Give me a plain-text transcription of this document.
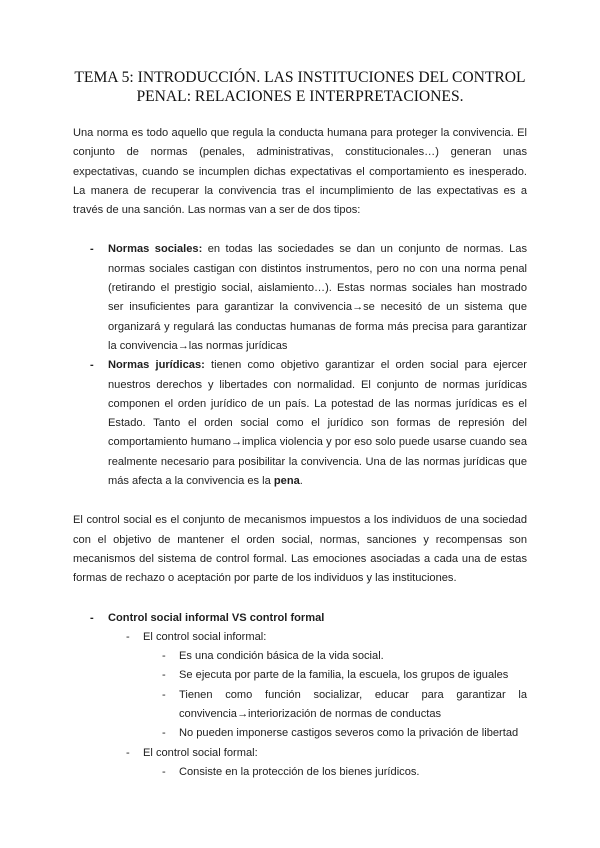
TEMA 5: INTRODUCCIÓN. LAS INSTITUCIONES DEL CONTROL PENAL: RELACIONES E INTERPRETACIONES.

Una norma es todo aquello que regula la conducta humana para proteger la convivencia. El conjunto de normas (penales, administrativas, constitucionales…) generan unas expectativas, cuando se incumplen dichas expectativas el comportamiento es inesperado. La manera de recuperar la convivencia tras el incumplimiento de las expectativas es a través de una sanción. Las normas van a ser de dos tipos:

- Normas sociales: en todas las sociedades se dan un conjunto de normas. Las normas sociales castigan con distintos instrumentos, pero no con una norma penal (retirando el prestigio social, aislamiento…). Estas normas sociales han mostrado ser insuficientes para garantizar la convivencia→se necesitó de un sistema que organizará y regulará las conductas humanas de forma más precisa para garantizar la convivencia→las normas jurídicas
- Normas jurídicas: tienen como objetivo garantizar el orden social para ejercer nuestros derechos y libertades con normalidad. El conjunto de normas jurídicas componen el orden jurídico de un país. La potestad de las normas jurídicas es el Estado. Tanto el orden social como el jurídico son formas de represión del comportamiento humano→implica violencia y por eso solo puede usarse cuando sea realmente necesario para posibilitar la convivencia. Una de las normas jurídicas que más afecta a la convivencia es la pena.

El control social es el conjunto de mecanismos impuestos a los individuos de una sociedad con el objetivo de mantener el orden social, normas, sanciones y recompensas son mecanismos del sistema de control formal. Las emociones asociadas a cada una de estas formas de rechazo o aceptación por parte de los individuos y las instituciones.

- Control social informal VS control formal
- El control social informal:
- Es una condición básica de la vida social.
- Se ejecuta por parte de la familia, la escuela, los grupos de iguales
- Tienen como función socializar, educar para garantizar la convivencia→interiorización de normas de conductas
- No pueden imponerse castigos severos como la privación de libertad
- El control social formal:
- Consiste en la protección de los bienes jurídicos.
